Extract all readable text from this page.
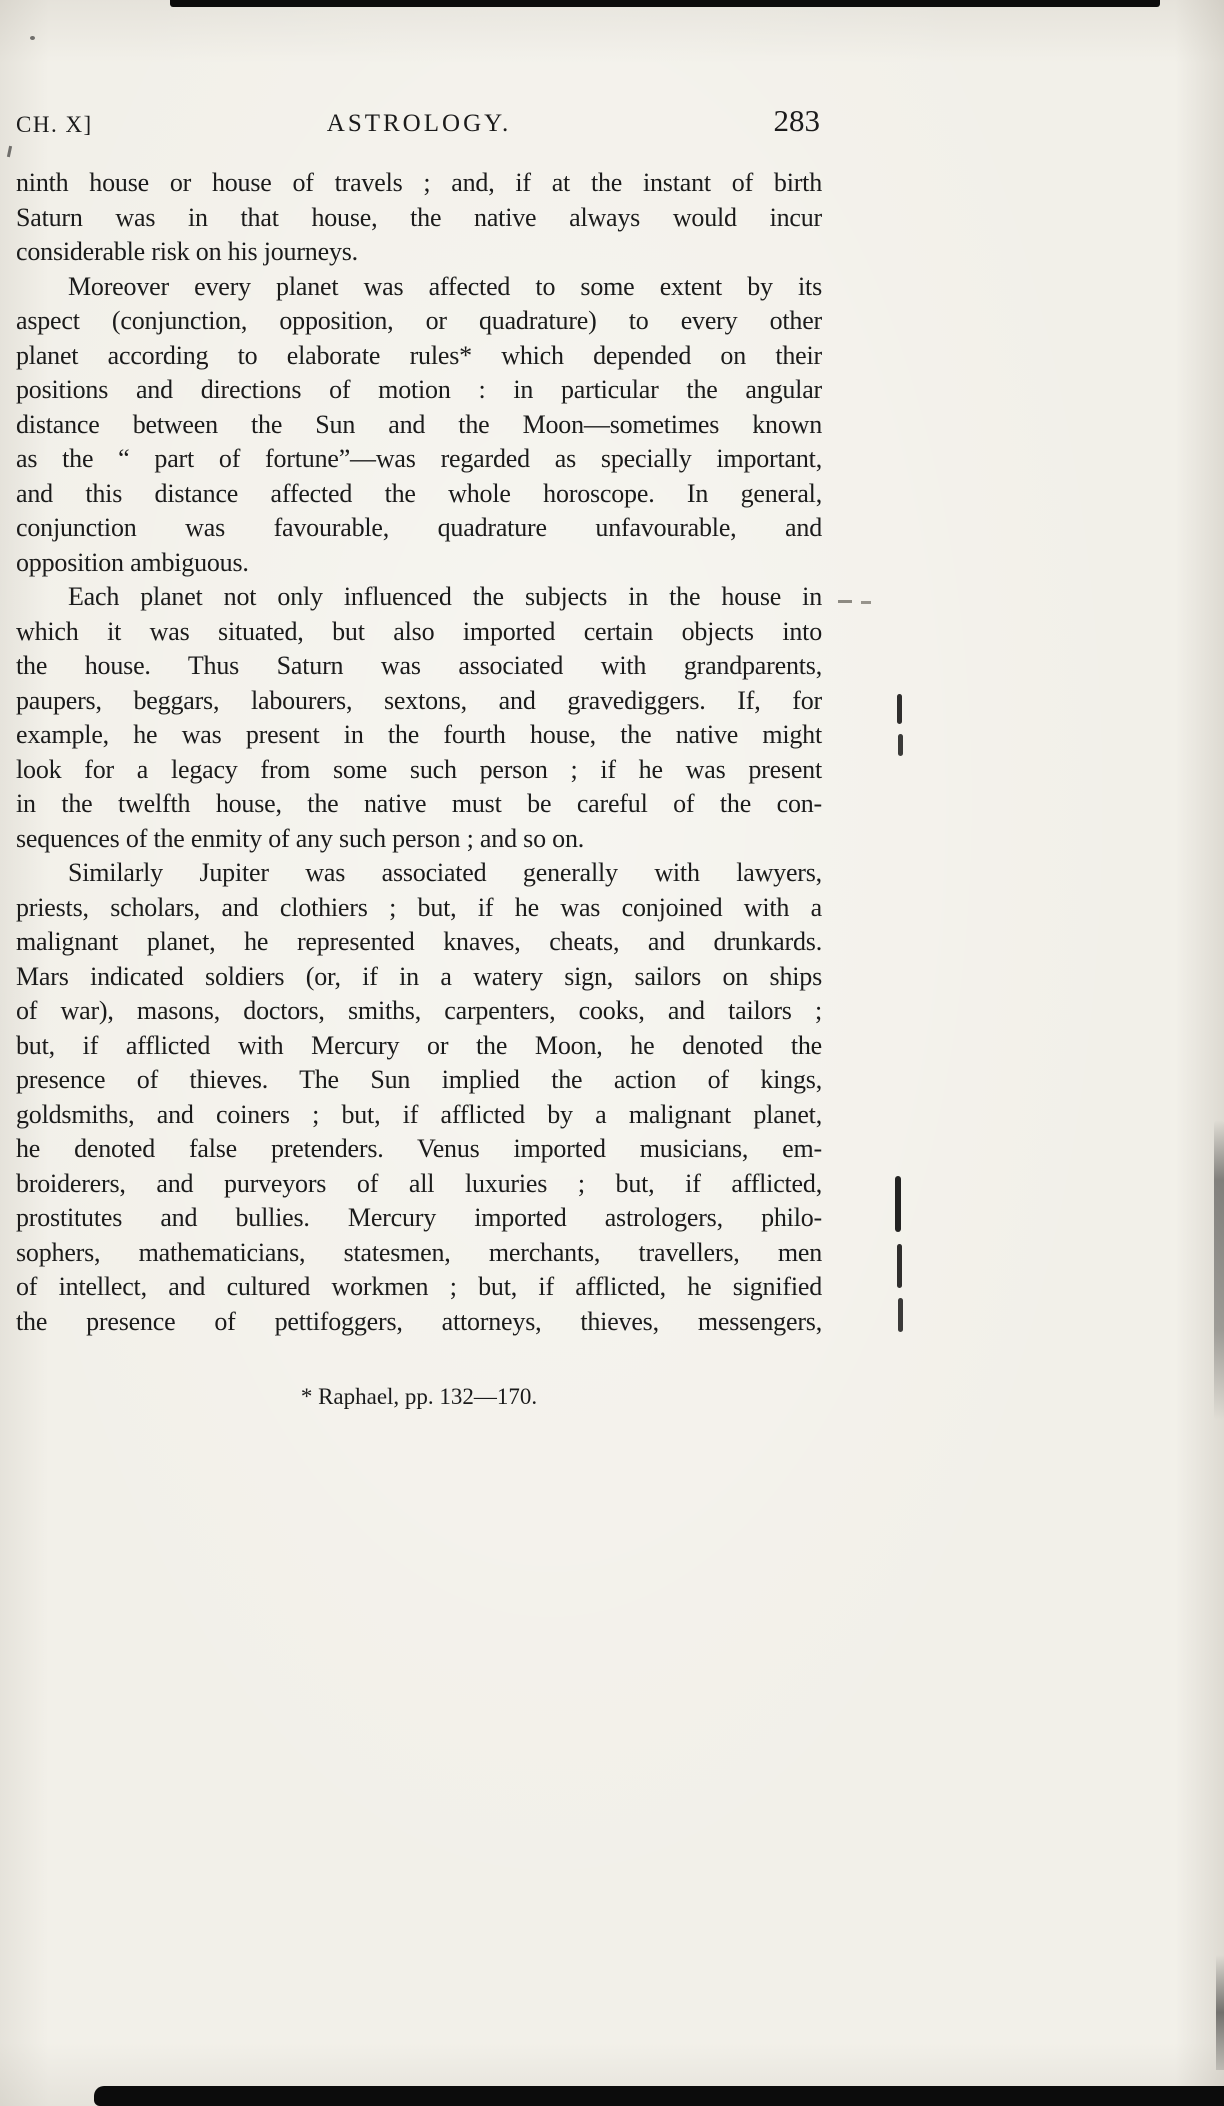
CH. X]	ASTROLOGY.	283
ninth house or house of travels ; and, if at the instant of birth
Saturn was in that house, the native always would incur
considerable risk on his journeys.
Moreover every planet was affected to some extent by its
aspect (conjunction, opposition, or quadrature) to every other
planet according to elaborate rules* which depended on their
positions and directions of motion : in particular the angular
distance between the Sun and the Moon—sometimes known
as the “ part of fortune”—was regarded as specially important,
and this distance affected the whole horoscope. In general,
conjunction was favourable, quadrature unfavourable, and
opposition ambiguous.
Each planet not only influenced the subjects in the house in
which it was situated, but also imported certain objects into
the house. Thus Saturn was associated with grandparents,
paupers, beggars, labourers, sextons, and gravediggers. If, for
example, he was present in the fourth house, the native might
look for a legacy from some such person ; if he was present
in the twelfth house, the native must be careful of the con-
sequences of the enmity of any such person ; and so on.
Similarly Jupiter was associated generally with lawyers,
priests, scholars, and clothiers ; but, if he was conjoined with a
malignant planet, he represented knaves, cheats, and drunkards.
Mars indicated soldiers (or, if in a watery sign, sailors on ships
of war), masons, doctors, smiths, carpenters, cooks, and tailors ;
but, if afflicted with Mercury or the Moon, he denoted the
presence of thieves. The Sun implied the action of kings,
goldsmiths, and coiners ; but, if afflicted by a malignant planet,
he denoted false pretenders. Venus imported musicians, em-
broiderers, and purveyors of all luxuries ; but, if afflicted,
prostitutes and bullies. Mercury imported astrologers, philo-
sophers, mathematicians, statesmen, merchants, travellers, men
of intellect, and cultured workmen ; but, if afflicted, he signified
the presence of pettifoggers, attorneys, thieves, messengers,
* Raphael, pp. 132—170.
